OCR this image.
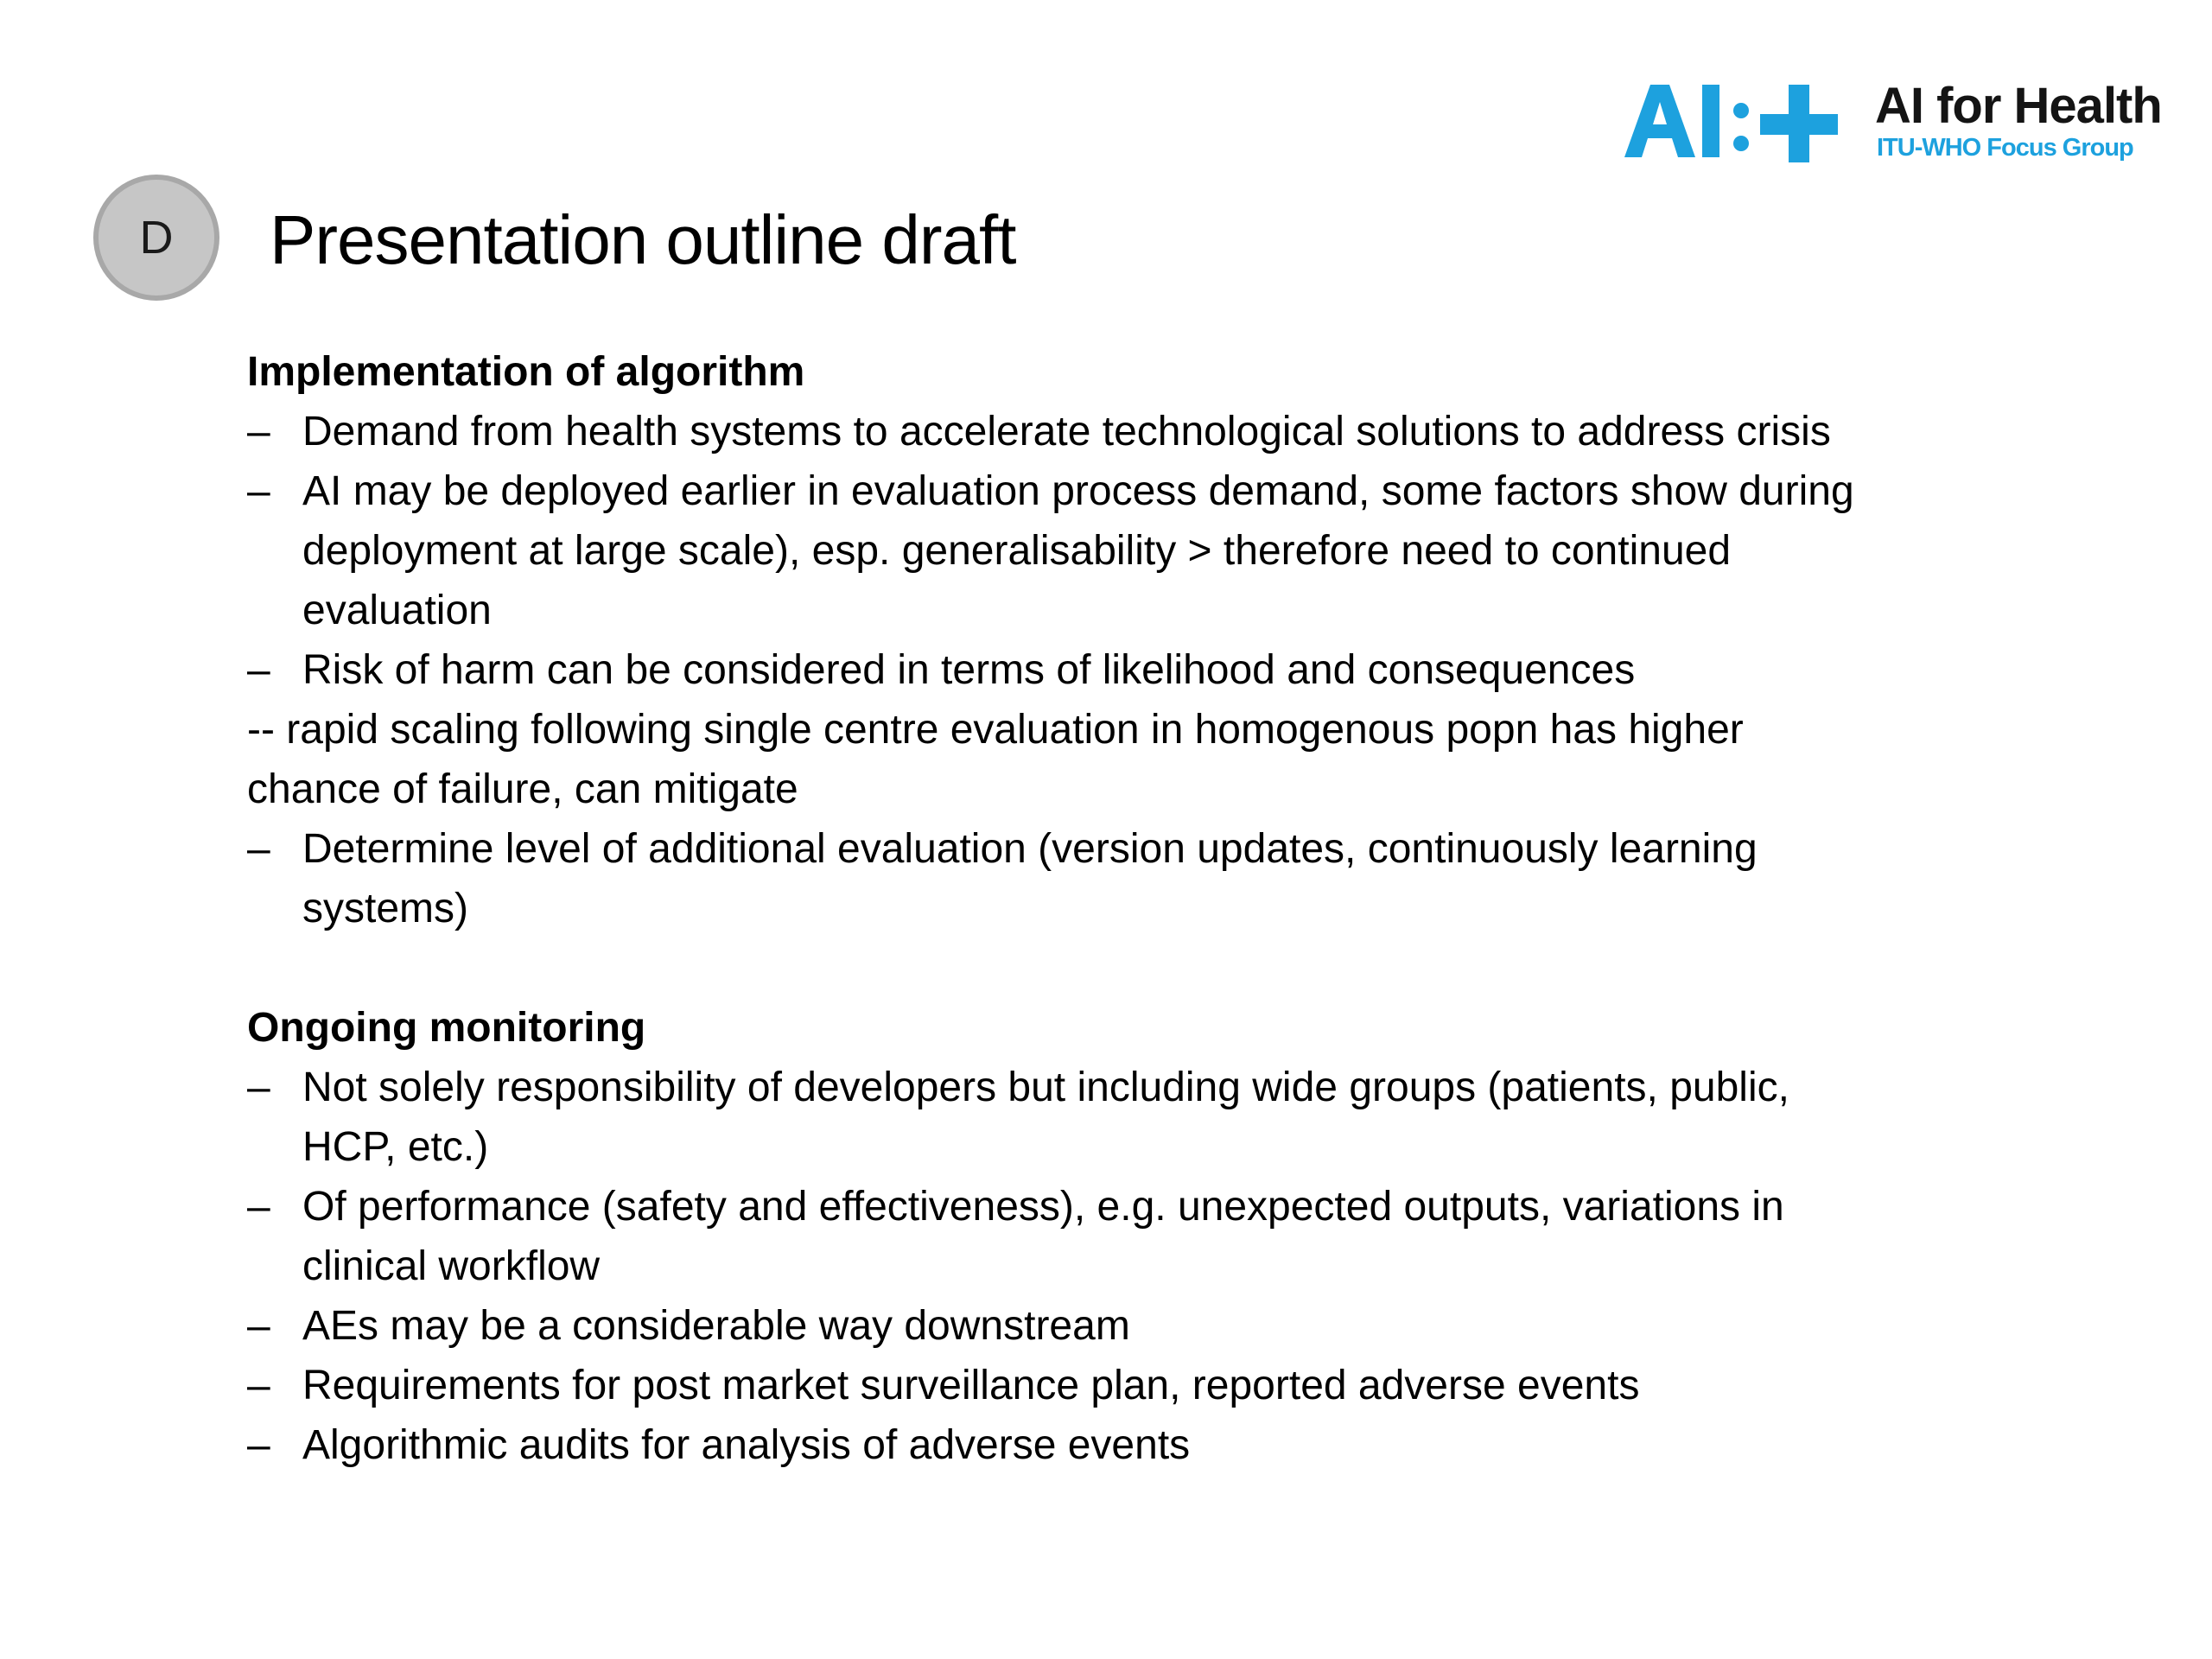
AI for Health
ITU-WHO Focus Group
D	Presentation outline draft
Implementation of algorithm
– Demand from health systems to accelerate technological solutions to address crisis
– AI may be deployed earlier in evaluation process demand, some factors show during deployment at large scale), esp. generalisability > therefore need to continued evaluation
– Risk of harm can be considered in terms of likelihood and consequences
-- rapid scaling following single centre evaluation in homogenous popn has higher chance of failure, can mitigate
– Determine level of additional evaluation (version updates, continuously learning systems)
Ongoing monitoring
– Not solely responsibility of developers but including wide groups (patients, public, HCP, etc.)
– Of performance (safety and effectiveness), e.g. unexpected outputs, variations in clinical workflow
– AEs may be a considerable way downstream
– Requirements for post market surveillance plan, reported adverse events
– Algorithmic audits for analysis of adverse events
